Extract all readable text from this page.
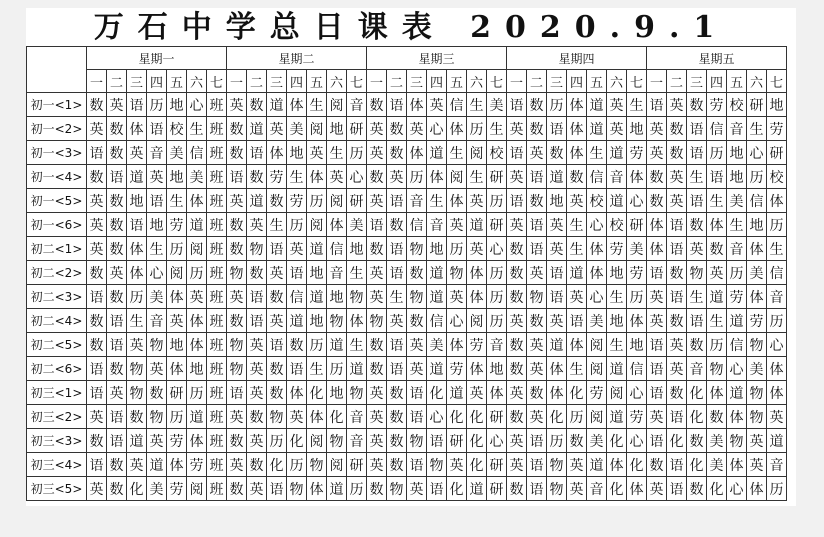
万石中学总日课表 2020.9.1
	星期一							星期二							星期三							星期四							星期五						
	一	二	三	四	五	六	七	一	二	三	四	五	六	七	一	二	三	四	五	六	七	一	二	三	四	五	六	七	一	二	三	四	五	六	七
初一<1>	数	英	语	历	地	心	班	英	数	道	体	生	阅	音	数	语	体	英	信	生	美	语	数	历	体	道	英	生	语	英	数	劳	校	研	地
初一<2>	英	数	体	语	校	生	班	数	道	英	美	阅	地	研	英	数	英	心	体	历	生	英	数	语	体	道	英	地	英	数	语	信	音	生	劳
初一<3>	语	数	英	音	美	信	班	数	语	体	地	英	生	历	英	数	体	道	生	阅	校	语	英	数	体	生	道	劳	英	数	语	历	地	心	研
初一<4>	数	语	道	英	地	美	班	语	数	劳	生	体	英	心	数	英	历	体	阅	生	研	英	语	道	数	信	音	体	数	英	生	语	地	历	校
初一<5>	英	数	地	语	生	体	班	英	道	数	劳	历	阅	研	英	语	音	生	体	英	历	语	数	地	英	校	道	心	数	英	语	生	美	信	体
初一<6>	英	数	语	地	劳	道	班	数	英	生	历	阅	体	美	语	数	信	音	英	道	研	英	语	英	生	心	校	研	体	语	数	体	生	地	历
初二<1>	英	数	体	生	历	阅	班	数	物	语	英	道	信	地	数	语	物	地	历	英	心	数	语	英	生	体	劳	美	体	语	英	数	音	体	生
初二<2>	数	英	体	心	阅	历	班	物	数	英	语	地	音	生	英	语	数	道	物	体	历	数	英	语	道	体	地	劳	语	数	物	英	历	美	信
初二<3>	语	数	历	美	体	英	班	英	语	数	信	道	地	物	英	生	物	道	英	体	历	数	物	语	英	心	生	历	英	语	生	道	劳	体	音
初二<4>	数	语	生	音	英	体	班	数	语	英	道	地	物	体	物	英	数	信	心	阅	历	英	数	英	语	美	地	体	英	数	语	生	道	劳	历
初二<5>	数	语	英	物	地	体	班	物	英	语	数	历	道	生	数	语	英	美	体	劳	音	数	英	道	体	阅	生	地	语	英	数	历	信	物	心
初二<6>	语	数	物	英	体	地	班	物	英	数	语	生	历	道	数	语	英	道	劳	体	地	数	英	体	生	阅	道	信	语	英	音	物	心	美	体
初三<1>	语	英	物	数	研	历	班	语	英	数	体	化	地	物	英	数	语	化	道	英	体	英	数	体	化	劳	阅	心	语	数	化	体	道	物	体
初三<2>	英	语	数	物	历	道	班	英	数	物	英	体	化	音	英	数	语	心	化	化	研	数	英	化	历	阅	道	劳	英	语	化	数	体	物	英
初三<3>	数	语	道	英	劳	体	班	数	英	历	化	阅	物	音	英	数	物	语	研	化	心	英	语	历	数	美	化	心	语	化	数	美	物	英	道
初三<4>	语	数	英	道	体	劳	班	英	数	化	历	物	阅	研	英	数	语	物	英	化	研	英	语	物	英	道	体	化	数	语	化	美	体	英	音
初三<5>	英	数	化	美	劳	阅	班	数	英	语	物	体	道	历	数	物	英	语	化	道	研	数	语	物	英	音	化	体	英	语	数	化	心	体	历
